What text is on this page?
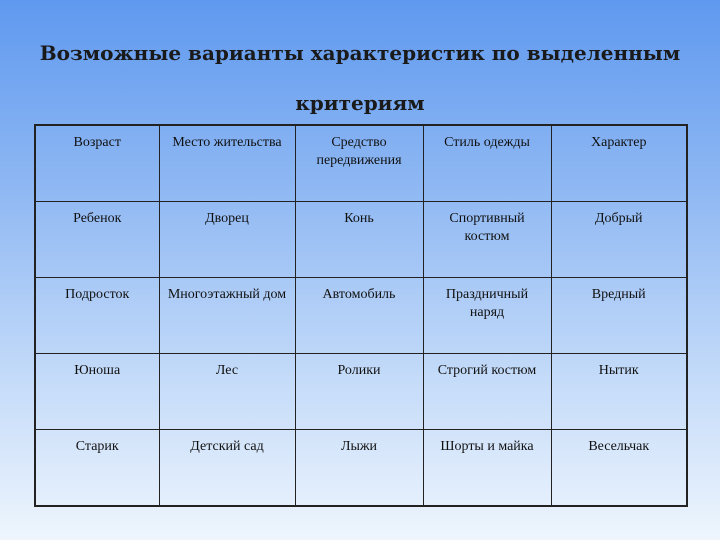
Возможные варианты характеристик по выделенным
критериям
Возраст	Место жительства	Средство передвижения	Стиль одежды	Характер
Ребенок	Дворец	Конь	Спортивный костюм	Добрый
Подросток	Многоэтажный дом	Автомобиль	Праздничный наряд	Вредный
Юноша	Лес	Ролики	Строгий костюм	Нытик
Старик	Детский сад	Лыжи	Шорты и майка	Весельчак
